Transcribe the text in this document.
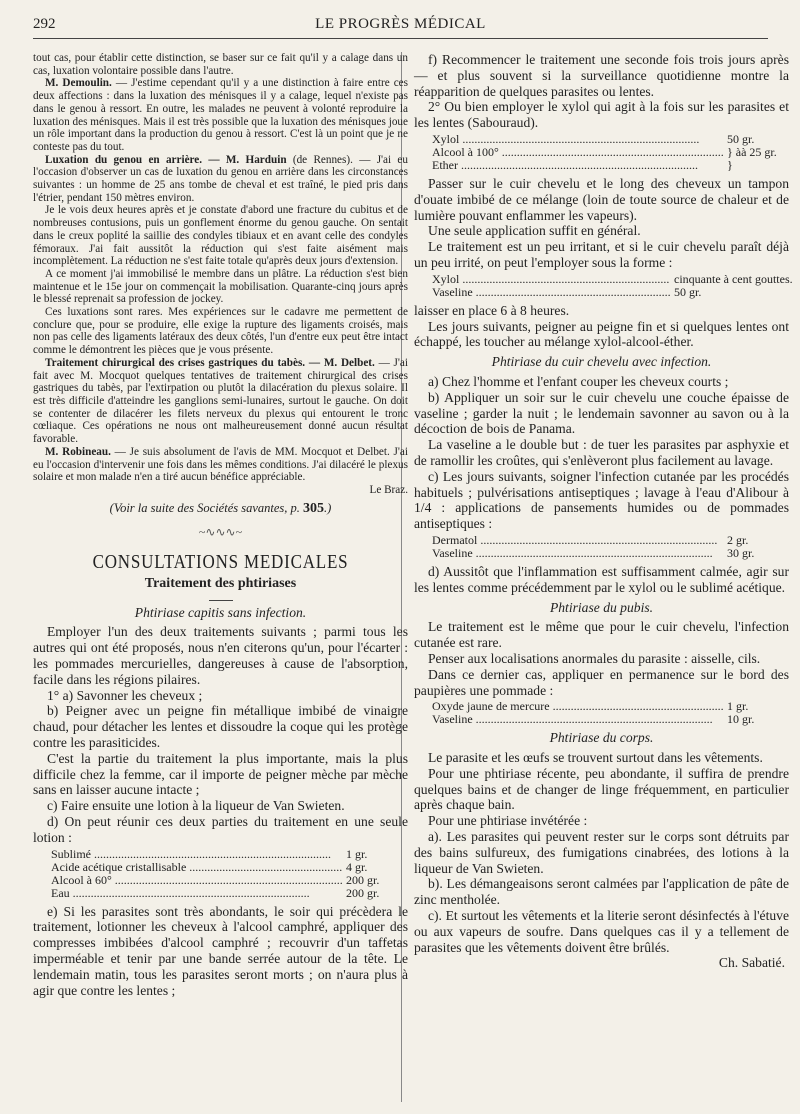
292	LE PROGRÈS MÉDICAL

tout cas, pour établir cette distinction, se baser sur ce fait qu'il y a calage dans un cas, luxation volontaire possible dans l'autre.

M. Demoulin. — J'estime cependant qu'il y a une distinction à faire entre ces deux affections : dans la luxation des ménisques il y a calage, lequel n'existe pas dans le genou à ressort. En outre, les malades ne peuvent à volonté reproduire la luxation des ménisques. Mais il est très possible que la luxation des ménisques joue un rôle important dans la production du genou à ressort. C'est là un point que je ne conteste pas du tout.

Luxation du genou en arrière. — M. Harduin (de Rennes). — J'ai eu l'occasion d'observer un cas de luxation du genou en arrière dans les circonstances suivantes : un homme de 25 ans tombe de cheval et est traîné, le pied pris dans l'étrier, pendant 150 mètres environ.

Je le vois deux heures après et je constate d'abord une fracture du cubitus et de nombreuses contusions, puis un gonflement énorme du genou gauche. On sentait dans le creux poplité la saillie des condyles tibiaux et en avant celle des condyles fémoraux. J'ai fait aussitôt la réduction qui s'est faite aisément mais incomplètement. La réduction ne s'est faite totale qu'après deux jours d'extension.

A ce moment j'ai immobilisé le membre dans un plâtre. La réduction s'est bien maintenue et le 15e jour on commençait la mobilisation. Quarante-cinq jours après le blessé reprenait sa profession de jockey.

Ces luxations sont rares. Mes expériences sur le cadavre me permettent de conclure que, pour se produire, elle exige la rupture des ligaments croisés, mais non pas celle des ligaments latéraux des deux côtés, l'un d'entre eux peut être intact comme le démontrent les pièces que je vous présente.

Traitement chirurgical des crises gastriques du tabès. — M. Delbet. — J'ai fait avec M. Mocquot quelques tentatives de traitement chirurgical des crises gastriques du tabès, par l'extirpation ou plutôt la dilacération du plexus solaire. Il est très difficile d'atteindre les ganglions semi-lunaires, surtout le gauche. On doit se contenter de dilacérer les filets nerveux du plexus qui entourent le tronc cœliaque. Ces opérations ne nous ont malheureusement donné aucun résultat favorable.

M. Robineau. — Je suis absolument de l'avis de MM. Mocquot et Delbet. J'ai eu l'occasion d'intervenir une fois dans les mêmes conditions. J'ai dilacéré le plexus solaire et mon malade n'en a tiré aucun bénéfice appréciable.

Le Braz.

(Voir la suite des Sociétés savantes, p. 305.)
~∿∿∿~
CONSULTATIONS MEDICALES
Traitement des phtiriases

Phtiriase capitis sans infection.

Employer l'un des deux traitements suivants ; parmi tous les autres qui ont été proposés, nous n'en citerons qu'un, pour l'écarter : les pommades mercurielles, dangereuses à cause de l'absorption, facile dans les régions pilaires.

1° a) Savonner les cheveux ;

b) Peigner avec un peigne fin métallique imbibé de vinaigre chaud, pour détacher les lentes et dissoudre la coque qui les protège contre les parasiticides.

C'est la partie du traitement la plus importante, mais la plus difficile chez la femme, car il importe de peigner mèche par mèche sans en laisser aucune intacte ;

c) Faire ensuite une lotion à la liqueur de Van Swieten.

d) On peut réunir ces deux parties du traitement en une seule lotion :

Sublimé .....	1 gr.
Acide acétique cristallisable .....	4 gr.
Alcool à 60° .....	200 gr.
Eau .....	200 gr.

e) Si les parasites sont très abondants, le soir qui précèdera le traitement, lotionner les cheveux à l'alcool camphré, appliquer des compresses imbibées d'alcool camphré ; recouvrir d'un taffetas imperméable et tenir par une bande serrée autour de la tête. Le lendemain matin, tous les parasites seront morts ; on n'aura plus à agir que contre les lentes ;

f) Recommencer le traitement une seconde fois trois jours après — et plus souvent si la surveillance quotidienne montre la réapparition de quelques parasites ou lentes.

2° Ou bien employer le xylol qui agit à la fois sur les parasites et les lentes (Sabouraud).

Xylol .....	50 gr.
Alcool à 100° .....	} àà 25 gr.
Ether .....	}

Passer sur le cuir chevelu et le long des cheveux un tampon d'ouate imbibé de ce mélange (loin de toute source de chaleur et de lumière pouvant enflammer les vapeurs).

Une seule application suffit en général.

Le traitement est un peu irritant, et si le cuir chevelu paraît déjà un peu irrité, on peut l'employer sous la forme :

Xylol .....	cinquante à cent gouttes.
Vaseline .....	50 gr.

laisser en place 6 à 8 heures.

Les jours suivants, peigner au peigne fin et si quelques lentes ont échappé, les toucher au mélange xylol-alcool-éther.

Phtiriase du cuir chevelu avec infection.

a) Chez l'homme et l'enfant couper les cheveux courts ;

b) Appliquer un soir sur le cuir chevelu une couche épaisse de vaseline ; garder la nuit ; le lendemain savonner au savon ou à la décoction de bois de Panama.

La vaseline a le double but : de tuer les parasites par asphyxie et de ramollir les croûtes, qui s'enlèveront plus facilement au lavage.

c) Les jours suivants, soigner l'infection cutanée par les procédés habituels ; pulvérisations antiseptiques ; lavage à l'eau d'Alibour à 1/4 : applications de pansements humides ou de pommades antiseptiques :

Dermatol .....	2 gr.
Vaseline .....	30 gr.

d) Aussitôt que l'inflammation est suffisamment calmée, agir sur les lentes comme précédemment par le xylol ou le sublimé acétique.

Phtiriase du pubis.

Le traitement est le même que pour le cuir chevelu, l'infection cutanée est rare.

Penser aux localisations anormales du parasite : aisselle, cils.

Dans ce dernier cas, appliquer en permanence sur le bord des paupières une pommade :

Oxyde jaune de mercure .....	1 gr.
Vaseline .....	10 gr.

Phtiriase du corps.

Le parasite et les œufs se trouvent surtout dans les vêtements.

Pour une phtiriase récente, peu abondante, il suffira de prendre quelques bains et de changer de linge fréquemment, en particulier après chaque bain.

Pour une phtiriase invétérée :

a). Les parasites qui peuvent rester sur le corps sont détruits par des bains sulfureux, des fumigations cinabrées, des lotions à la liqueur de Van Swieten.

b). Les démangeaisons seront calmées par l'application de pâte de zinc mentholée.

c). Et surtout les vêtements et la literie seront désinfectés à l'étuve ou aux vapeurs de soufre. Dans quelques cas il y a tellement de parasites que les vêtements doivent être brûlés.

Ch. Sabatié.
